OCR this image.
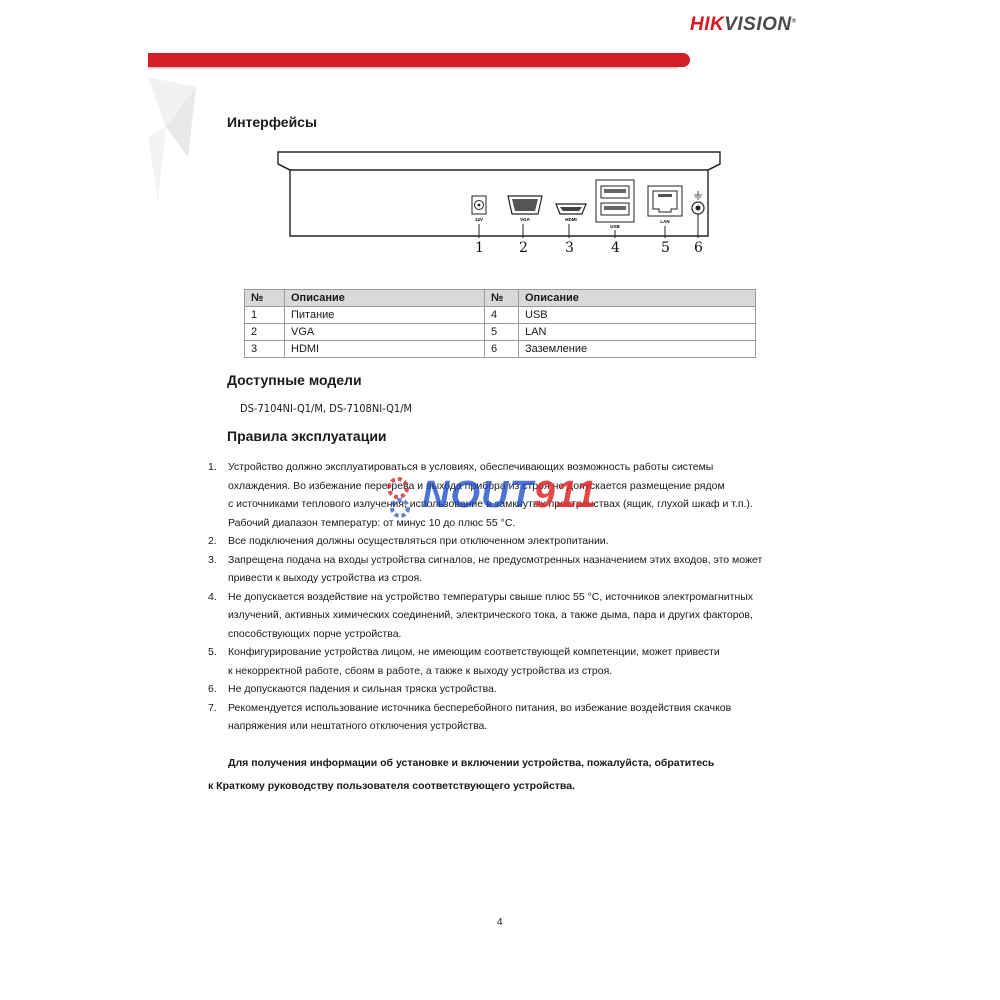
HIKVISION®
Интерфейсы
12V	VGA	HDMI
USB
LAN
1	2	3	4	5 6
№	Описание	№	Описание
1	Питание	4	USB
2	VGA	5	LAN
3	HDMI	6	Заземление
Доступные модели
DS-7104NI-Q1/M, DS-7108NI-Q1/M
Правила эксплуатации
1.	Устройство должно эксплуатироваться в условиях, обеспечивающих возможность работы системы
охлаждения. Во избежание перегрева и выхода прибора из строя не допускается размещение рядом
с источниками теплового излучения, использование в замкнутых пространствах (ящик, глухой шкаф и т.п.).
Рабочий диапазон температур: от минус 10 до плюс 55 °C.
2.	Все подключения должны осуществляться при отключенном электропитании.
3.	Запрещена подача на входы устройства сигналов, не предусмотренных назначением этих входов, это может
привести к выходу устройства из строя.
4.	Не допускается воздействие на устройство температуры свыше плюс 55 °C, источников электромагнитных
излучений, активных химических соединений, электрического тока, а также дыма, пара и других факторов,
способствующих порче устройства.
5.	Конфигурирование устройства лицом, не имеющим соответствующей компетенции, может привести
к некорректной работе, сбоям в работе, а также к выходу устройства из строя.
6.	Не допускаются падения и сильная тряска устройства.
7.	Рекомендуется использование источника бесперебойного питания, во избежание воздействия скачков
напряжения или нештатного отключения устройства.
Для получения информации об установке и включении устройства, пожалуйста, обратитесь
к Краткому руководству пользователя соответствующего устройства.
NOUT911
4
